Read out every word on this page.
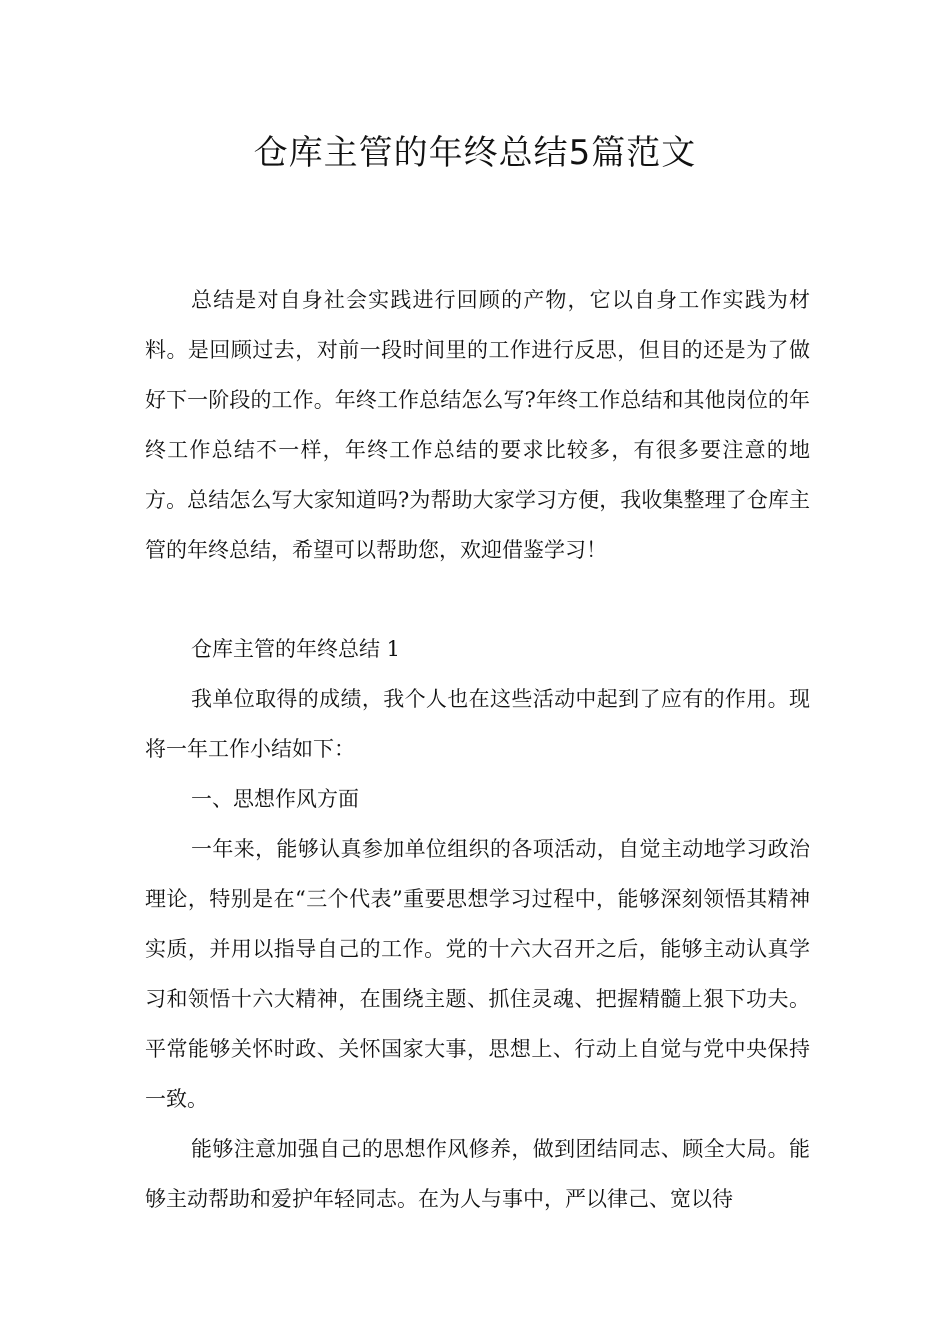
仓库主管的年终总结5篇范文

总结是对自身社会实践进行回顾的产物，它以自身工作实践为材料。是回顾过去，对前一段时间里的工作进行反思，但目的还是为了做好下一阶段的工作。年终工作总结怎么写?年终工作总结和其他岗位的年终工作总结不一样，年终工作总结的要求比较多，有很多要注意的地方。总结怎么写大家知道吗?为帮助大家学习方便，我收集整理了仓库主管的年终总结，希望可以帮助您，欢迎借鉴学习！

仓库主管的年终总结 1

我单位取得的成绩，我个人也在这些活动中起到了应有的作用。现将一年工作小结如下：

一、思想作风方面

一年来，能够认真参加单位组织的各项活动，自觉主动地学习政治理论，特别是在“三个代表”重要思想学习过程中，能够深刻领悟其精神实质，并用以指导自己的工作。党的十六大召开之后，能够主动认真学习和领悟十六大精神，在围绕主题、抓住灵魂、把握精髓上狠下功夫。平常能够关怀时政、关怀国家大事，思想上、行动上自觉与党中央保持一致。

能够注意加强自己的思想作风修养，做到团结同志、顾全大局。能够主动帮助和爱护年轻同志。在为人与事中，严以律己、宽以待
